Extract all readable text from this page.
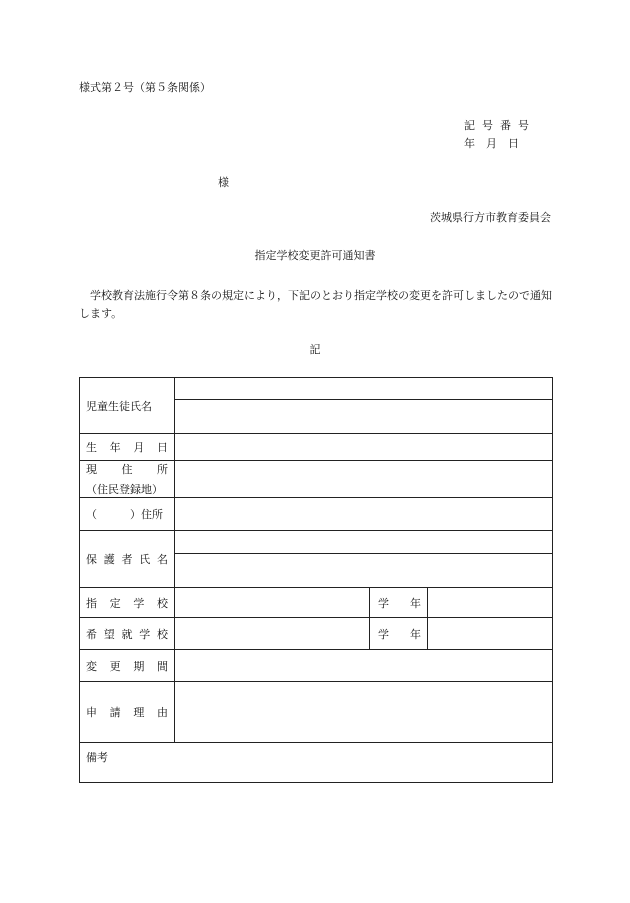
様式第２号（第５条関係）
記号番号
年　月　日
様
茨城県行方市教育委員会
指定学校変更許可通知書
学校教育法施行令第８条の規定により，下記のとおり指定学校の変更を許可しましたので通知します。
記
児童生徒氏名			

生 年 月 日			

現 住 所
（住民登録地）			

（　　　）住所			

保 護 者 氏 名			

指 定 学 校		学 年	

希 望 就 学 校		学 年	

変 更 期 間			

申 請 理 由			

備考			
